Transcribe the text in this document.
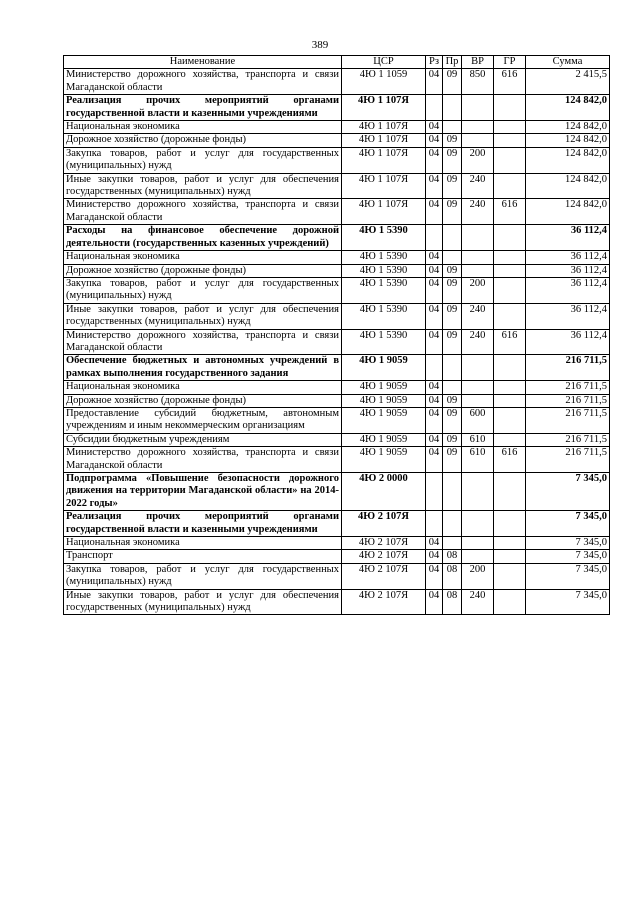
389
Наименование	ЦСР	Рз	Пр	ВР	ГР	Сумма
Министерство дорожного хозяйства, транспорта и связи Магаданской области	4Ю 1 1059	04	09	850	616	2 415,5
Реализация прочих мероприятий органами государственной власти и казенными учреждениями	4Ю 1 107Я					124 842,0
Национальная экономика	4Ю 1 107Я	04				124 842,0
Дорожное хозяйство (дорожные фонды)	4Ю 1 107Я	04	09			124 842,0
Закупка товаров, работ и услуг для государственных (муниципальных) нужд	4Ю 1 107Я	04	09	200		124 842,0
Иные закупки товаров, работ и услуг для обеспечения государственных (муниципальных) нужд	4Ю 1 107Я	04	09	240		124 842,0
Министерство дорожного хозяйства, транспорта и связи Магаданской области	4Ю 1 107Я	04	09	240	616	124 842,0
Расходы на финансовое обеспечение дорожной деятельности (государственных казенных учреждений)	4Ю 1 5390					36 112,4
Национальная экономика	4Ю 1 5390	04				36 112,4
Дорожное хозяйство (дорожные фонды)	4Ю 1 5390	04	09			36 112,4
Закупка товаров, работ и услуг для государственных (муниципальных) нужд	4Ю 1 5390	04	09	200		36 112,4
Иные закупки товаров, работ и услуг для обеспечения государственных (муниципальных) нужд	4Ю 1 5390	04	09	240		36 112,4
Министерство дорожного хозяйства, транспорта и связи Магаданской области	4Ю 1 5390	04	09	240	616	36 112,4
Обеспечение бюджетных и автономных учреждений в рамках выполнения государственного задания	4Ю 1 9059					216 711,5
Национальная экономика	4Ю 1 9059	04				216 711,5
Дорожное хозяйство (дорожные фонды)	4Ю 1 9059	04	09			216 711,5
Предоставление субсидий бюджетным, автономным учреждениям и иным некоммерческим организациям	4Ю 1 9059	04	09	600		216 711,5
Субсидии бюджетным учреждениям	4Ю 1 9059	04	09	610		216 711,5
Министерство дорожного хозяйства, транспорта и связи Магаданской области	4Ю 1 9059	04	09	610	616	216 711,5
Подпрограмма «Повышение безопасности дорожного движения на территории Магаданской области» на 2014-2022 годы»	4Ю 2 0000					7 345,0
Реализация прочих мероприятий органами государственной власти и казенными учреждениями	4Ю 2 107Я					7 345,0
Национальная экономика	4Ю 2 107Я	04				7 345,0
Транспорт	4Ю 2 107Я	04	08			7 345,0
Закупка товаров, работ и услуг для государственных (муниципальных) нужд	4Ю 2 107Я	04	08	200		7 345,0
Иные закупки товаров, работ и услуг для обеспечения государственных (муниципальных) нужд	4Ю 2 107Я	04	08	240		7 345,0
